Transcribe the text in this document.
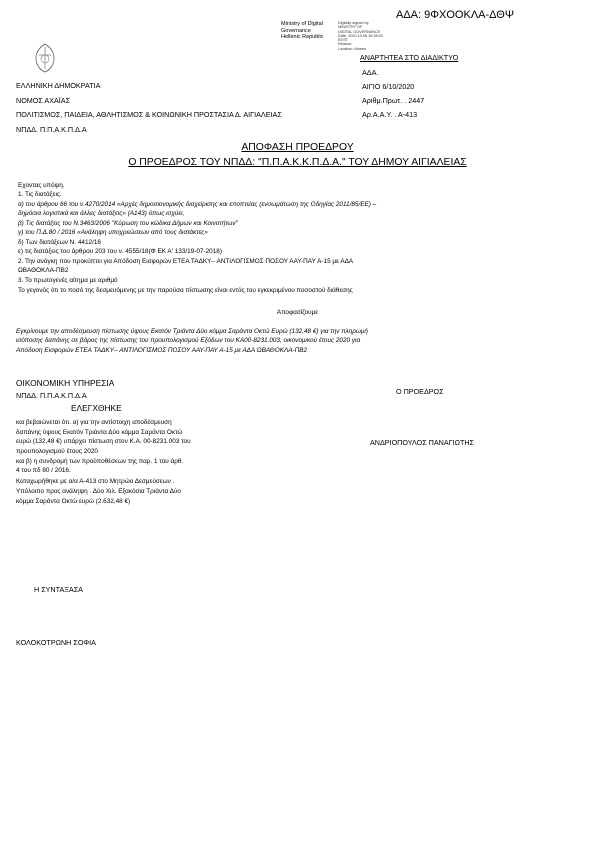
ΑΔΑ: 9ΦΧΟΟΚΛΑ-ΔΘΨ
Ministry of Digital
Governance
Hellenic Republic
Digitally signed by
MINISTRY OF
DIGITAL GOVERNANCE
Date: 2020.10.06 10:55:02
EEST
Reason:
Location: Athens
ΕΛΛΗΝΙΚΗ ΔΗΜΟΚΡΑΤΙΑ
ΝΟΜΟΣ ΑΧΑΪΑΣ
ΠΟΛΙΤΙΣΜΟΣ, ΠΑΙΔΕΙΑ, ΑΘΛΗΤΙΣΜΟΣ & ΚΟΙΝΩΝΙΚΗ ΠΡΟΣΤΑΣΙΑ Δ. ΑΙΓΙΑΛΕΙΑΣ
ΝΠΔΔ. Π.Π.Α.Κ.Π.Δ.Α
ΑΝΑΡΤΗΤΕΑ ΣΤΟ ΔΙΑΔΙΚΤΥΟ
ΑΔΑ.
ΑΙΓΙΟ 6/10/2020
Αριθμ.Πρωτ. . 2447
Αρ.Α.Α.Υ. . Α-413
ΑΠΟΦΑΣΗ ΠΡΟΕΔΡΟΥ
Ο ΠΡΟΕΔΡΟΣ ΤΟΥ ΝΠΔΔ: "Π.Π.Α.Κ.Κ.Π.Δ.Α." ΤΟΥ ΔΗΜΟΥ ΑΙΓΙΑΛΕΙΑΣ
Εχοντας υπόψη.
1. Τις διατάξεις.
α) του άρθρου 66 του ν.4270/2014 «Αρχές δημοσιονομικής διαχείρισης και εποπτείας (ενσωμάτωση της Οδηγίας 2011/85/ΕΕ) –
δημόσια λογιστικά και άλλες διατάξεις» (Α143) όπως ισχύει,
β) Τις διατάξεις του Ν.3463/2006 "Κύρωση του κώδικα Δήμων και Κοινοτήτων"
γ) του Π.Δ.80 / 2016 «Ανάληψη υποχρεώσεων από τους διατάκτες»
δ) Των διατάξεων Ν. 4412/16
ε) τις διατάξεις του άρθρου 203 του ν. 4555/18(Φ ΕΚ Α' 133/19-07-2018)
2. Την ανάγκη που προκύπτει για Απόδοση Εισφορών ΕΤΕΑ ΤΑΔΚΥ-- ΑΝΤΙΛΟΓΙΣΜΟΣ ΠΟΣΟΥ ΑΑΥ-ΠΑΥ Α-15 με ΑΔΑ
ΩΒΑΘΟΚΛΑ-ΠΒ2
3. Το πρωτογενές αίτημα με αριθμό
Το γεγονός ότι το ποσό της δεσμευόμενης με την παρούσα πίστωσης είναι εντός του εγκεκριμένου ποσοστού διάθεσης
Αποφασίζουμε
Εγκρίνουμε την αποδέσμευση πίστωσης ύψους Εκατόν Τριάντα Δύο κόμμα Σαράντα Οκτώ Ευρώ (132,48 €) για την πληρωμή
ισόποσης δαπάνης σε βάρος της πίστωσης του προυπολογισμού Εξόδων του ΚΑ00-8231.003, οικονομικού έτους 2020 για
Απόδοση Εισφορών ΕΤΕΑ ΤΑΔΚΥ-- ΑΝΤΙΛΟΓΙΣΜΟΣ ΠΟΣΟΥ ΑΑΥ-ΠΑΥ Α-15 με ΑΔΑ ΩΒΑΘΟΚΛΑ-ΠΒ2
ΟΙΚΟΝΟΜΙΚΗ ΥΠΗΡΕΣΙΑ
ΝΠΔΔ. Π.Π.Α.Κ.Π.Δ.Α
ΕΛΕΓΧΘΗΚΕ
και βεβαιώνεται ότι. α) για την αντίστοιχη αποδέσμευση
δαπάνης ύψους Εκατόν Τριάντα Δύο κόμμα Σαράντα Οκτώ
ευρώ (132,48 €) υπάρχει πίστωση στον Κ.Α. 00-8231.003 του
προυπολογισμού έτους 2020
και β) η συνδρομή των προϋποθέσεων της παρ. 1 του άρθ.
4 του πδ 80 / 2016.
Καταχωρήθηκε με α/α Α-413 στο Μητρώο Δεσμεύσεων .
Υπόλοιπο προς ανάληψη . Δύο Χιλ. Εξακόσια Τριάντα Δύο
κόμμα Σαράντα Οκτώ ευρώ (2.632,48 €)
Ο ΠΡΟΕΔΡΟΣ
ΑΝΔΡΙΟΠΟΥΛΟΣ ΠΑΝΑΓΙΩΤΗΣ
Η ΣΥΝΤΑΞΑΣΑ
ΚΟΛΟΚΟΤΡΩΝΗ ΣΟΦΙΑ
